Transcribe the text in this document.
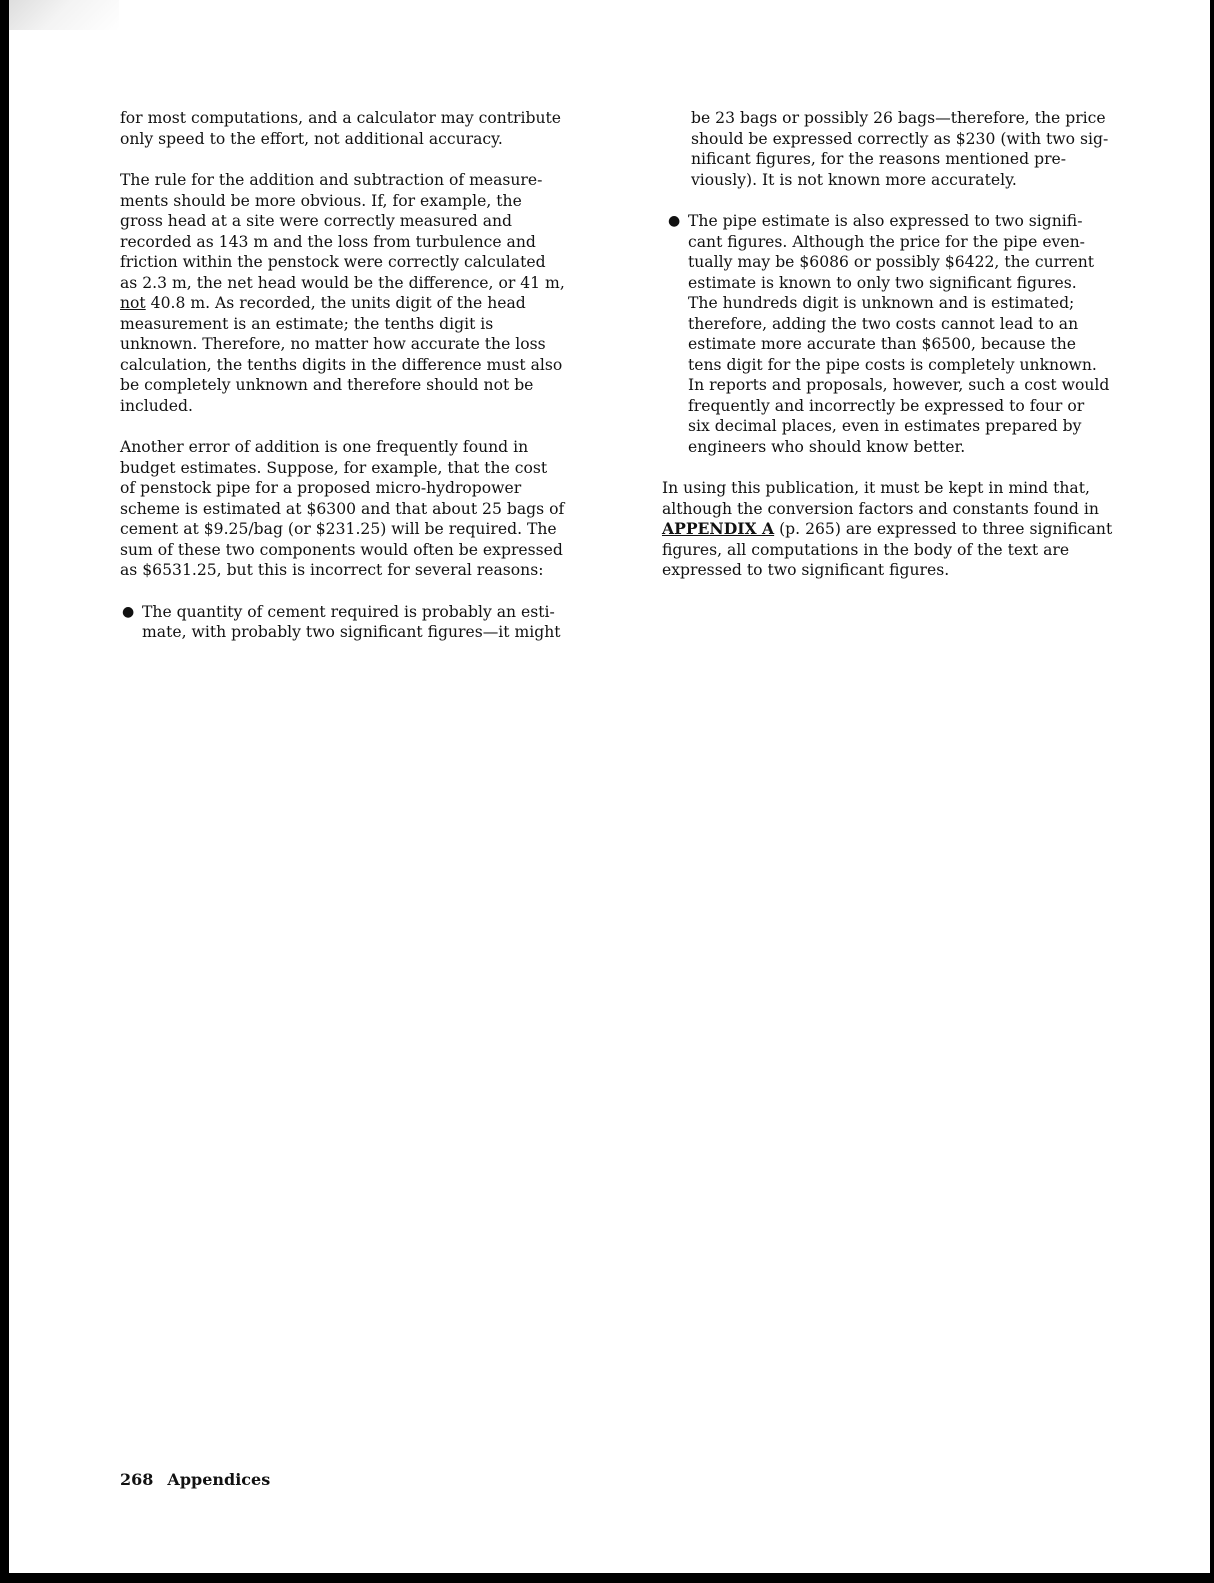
for most computations, and a calculator may contribute
only speed to the effort, not additional accuracy.

The rule for the addition and subtraction of measure-
ments should be more obvious. If, for example, the
gross head at a site were correctly measured and
recorded as 143 m and the loss from turbulence and
friction within the penstock were correctly calculated
as 2.3 m, the net head would be the difference, or 41 m,
not 40.8 m. As recorded, the units digit of the head
measurement is an estimate; the tenths digit is
unknown. Therefore, no matter how accurate the loss
calculation, the tenths digits in the difference must also
be completely unknown and therefore should not be
included.

Another error of addition is one frequently found in
budget estimates. Suppose, for example, that the cost
of penstock pipe for a proposed micro-hydropower
scheme is estimated at $6300 and that about 25 bags of
cement at $9.25/bag (or $231.25) will be required. The
sum of these two components would often be expressed
as $6531.25, but this is incorrect for several reasons:

● The quantity of cement required is probably an esti-
mate, with probably two significant figures—it might

be 23 bags or possibly 26 bags—therefore, the price
should be expressed correctly as $230 (with two sig-
nificant figures, for the reasons mentioned pre-
viously). It is not known more accurately.

● The pipe estimate is also expressed to two signifi-
cant figures. Although the price for the pipe even-
tually may be $6086 or possibly $6422, the current
estimate is known to only two significant figures.
The hundreds digit is unknown and is estimated;
therefore, adding the two costs cannot lead to an
estimate more accurate than $6500, because the
tens digit for the pipe costs is completely unknown.
In reports and proposals, however, such a cost would
frequently and incorrectly be expressed to four or
six decimal places, even in estimates prepared by
engineers who should know better.

In using this publication, it must be kept in mind that,
although the conversion factors and constants found in
APPENDIX A (p. 265) are expressed to three significant
figures, all computations in the body of the text are
expressed to two significant figures.

268 Appendices
